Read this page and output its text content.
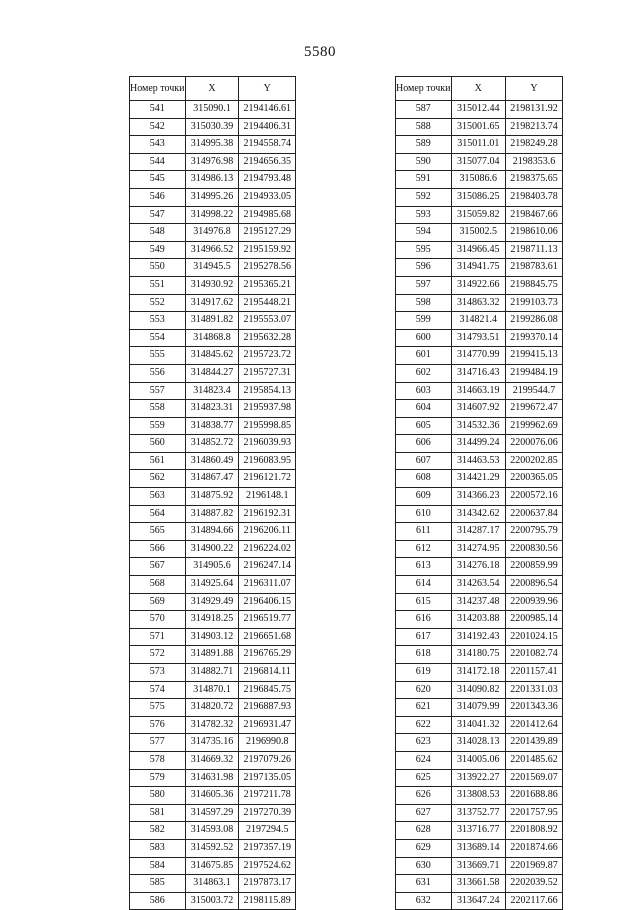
5580
Номер точки	X	Y
541	315090.1	2194146.61
542	315030.39	2194406.31
543	314995.38	2194558.74
544	314976.98	2194656.35
545	314986.13	2194793.48
546	314995.26	2194933.05
547	314998.22	2194985.68
548	314976.8	2195127.29
549	314966.52	2195159.92
550	314945.5	2195278.56
551	314930.92	2195365.21
552	314917.62	2195448.21
553	314891.82	2195553.07
554	314868.8	2195632.28
555	314845.62	2195723.72
556	314844.27	2195727.31
557	314823.4	2195854.13
558	314823.31	2195937.98
559	314838.77	2195998.85
560	314852.72	2196039.93
561	314860.49	2196083.95
562	314867.47	2196121.72
563	314875.92	2196148.1
564	314887.82	2196192.31
565	314894.66	2196206.11
566	314900.22	2196224.02
567	314905.6	2196247.14
568	314925.64	2196311.07
569	314929.49	2196406.15
570	314918.25	2196519.77
571	314903.12	2196651.68
572	314891.88	2196765.29
573	314882.71	2196814.11
574	314870.1	2196845.75
575	314820.72	2196887.93
576	314782.32	2196931.47
577	314735.16	2196990.8
578	314669.32	2197079.26
579	314631.98	2197135.05
580	314605.36	2197211.78
581	314597.29	2197270.39
582	314593.08	2197294.5
583	314592.52	2197357.19
584	314675.85	2197524.62
585	314863.1	2197873.17
586	315003.72	2198115.89
Номер точки	X	Y
587	315012.44	2198131.92
588	315001.65	2198213.74
589	315011.01	2198249.28
590	315077.04	2198353.6
591	315086.6	2198375.65
592	315086.25	2198403.78
593	315059.82	2198467.66
594	315002.5	2198610.06
595	314966.45	2198711.13
596	314941.75	2198783.61
597	314922.66	2198845.75
598	314863.32	2199103.73
599	314821.4	2199286.08
600	314793.51	2199370.14
601	314770.99	2199415.13
602	314716.43	2199484.19
603	314663.19	2199544.7
604	314607.92	2199672.47
605	314532.36	2199962.69
606	314499.24	2200076.06
607	314463.53	2200202.85
608	314421.29	2200365.05
609	314366.23	2200572.16
610	314342.62	2200637.84
611	314287.17	2200795.79
612	314274.95	2200830.56
613	314276.18	2200859.99
614	314263.54	2200896.54
615	314237.48	2200939.96
616	314203.88	2200985.14
617	314192.43	2201024.15
618	314180.75	2201082.74
619	314172.18	2201157.41
620	314090.82	2201331.03
621	314079.99	2201343.36
622	314041.32	2201412.64
623	314028.13	2201439.89
624	314005.06	2201485.62
625	313922.27	2201569.07
626	313808.53	2201688.86
627	313752.77	2201757.95
628	313716.77	2201808.92
629	313689.14	2201874.66
630	313669.71	2201969.87
631	313661.58	2202039.52
632	313647.24	2202117.66
